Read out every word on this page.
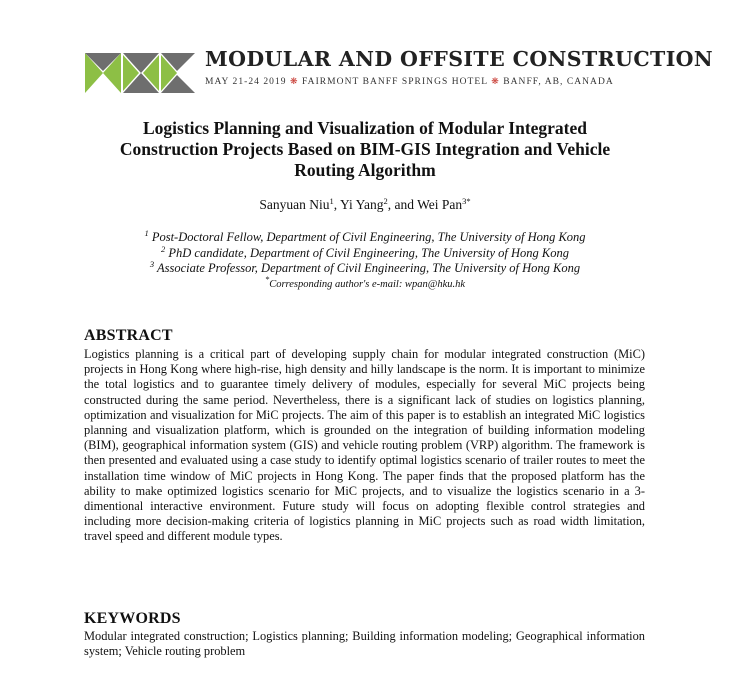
MODULAR AND OFFSITE CONSTRUCTION
MAY 21-24 2019 ❋ FAIRMONT BANFF SPRINGS HOTEL ❋ BANFF, AB, CANADA
Logistics Planning and Visualization of Modular Integrated
Construction Projects Based on BIM-GIS Integration and Vehicle
Routing Algorithm
Sanyuan Niu$^1$, Yi Yang$^2$, and Wei Pan$^{3*}$
$^1$ Post-Doctoral Fellow, Department of Civil Engineering, The University of Hong Kong
$^2$ PhD candidate, Department of Civil Engineering, The University of Hong Kong
$^3$ Associate Professor, Department of Civil Engineering, The University of Hong Kong
*Corresponding author's e-mail: wpan@hku.hk
ABSTRACT
Logistics planning is a critical part of developing supply chain for modular integrated construction (MiC) projects in Hong Kong where high-rise, high density and hilly landscape is the norm. It is important to minimize the total logistics and to guarantee timely delivery of modules, especially for several MiC projects being constructed during the same period. Nevertheless, there is a significant lack of studies on logistics planning, optimization and visualization for MiC projects. The aim of this paper is to establish an integrated MiC logistics planning and visualization platform, which is grounded on the integration of building information modeling (BIM), geographical information system (GIS) and vehicle routing problem (VRP) algorithm. The framework is then presented and evaluated using a case study to identify optimal logistics scenario of trailer routes to meet the installation time window of MiC projects in Hong Kong. The paper finds that the proposed platform has the ability to make optimized logistics scenario for MiC projects, and to visualize the logistics scenario in a 3-dimentional interactive environment. Future study will focus on adopting flexible control strategies and including more decision-making criteria of logistics planning in MiC projects such as road width limitation, travel speed and different module types.
KEYWORDS
Modular integrated construction; Logistics planning; Building information modeling; Geographical information system; Vehicle routing problem
